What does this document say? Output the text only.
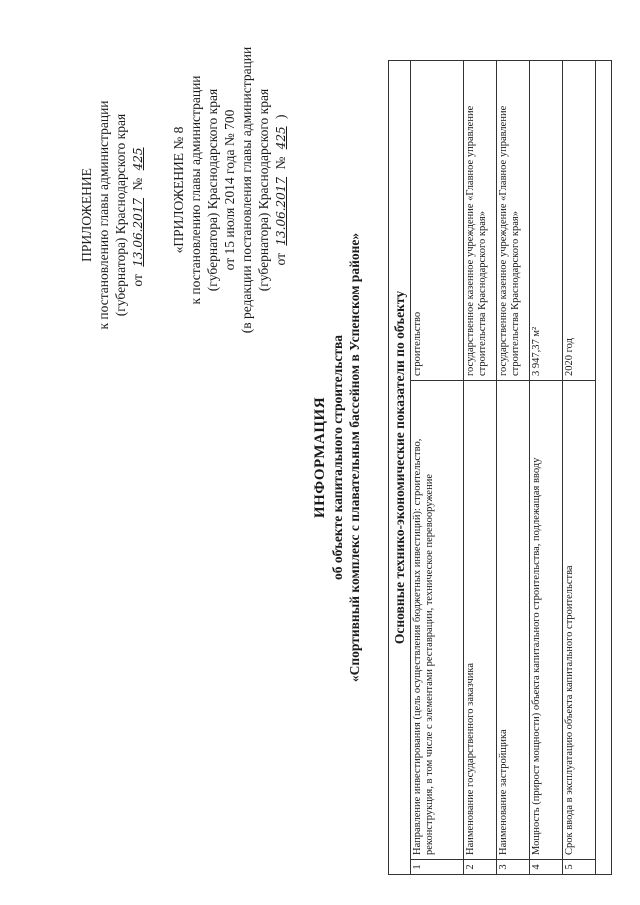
ПРИЛОЖЕНИЕ к постановлению главы администрации (губернатора) Краснодарского края от 13.06.2017 № 425 «ПРИЛОЖЕНИЕ № 8 к постановлению главы администрации (губернатора) Краснодарского края от 15 июля 2014 года № 700 (в редакции постановления главы администрации (губернатора) Краснодарского края от 13.06.2017 № 425 )
ИНФОРМАЦИЯ об объекте капитального строительства «Спортивный комплекс с плавательным бассейном в Успенском районе» Основные технико-экономические показатели по объекту
1	Направление инвестирования (цель осуществления бюджетных инвестиций): строительство, реконструкция, в том числе с элементами реставрации, техническое перевооружение	строительство
2	Наименование государственного заказчика	государственное казенное учреждение «Главное управление строительства Краснодарского края»
3	Наименование застройщика	государственное казенное учреждение «Главное управление строительства Краснодарского края»
4	Мощность (прирост мощности) объекта капитального строительства, подлежащая вводу	3 947,37 м²
5	Срок ввода в эксплуатацию объекта капитального строительства	2020 год
